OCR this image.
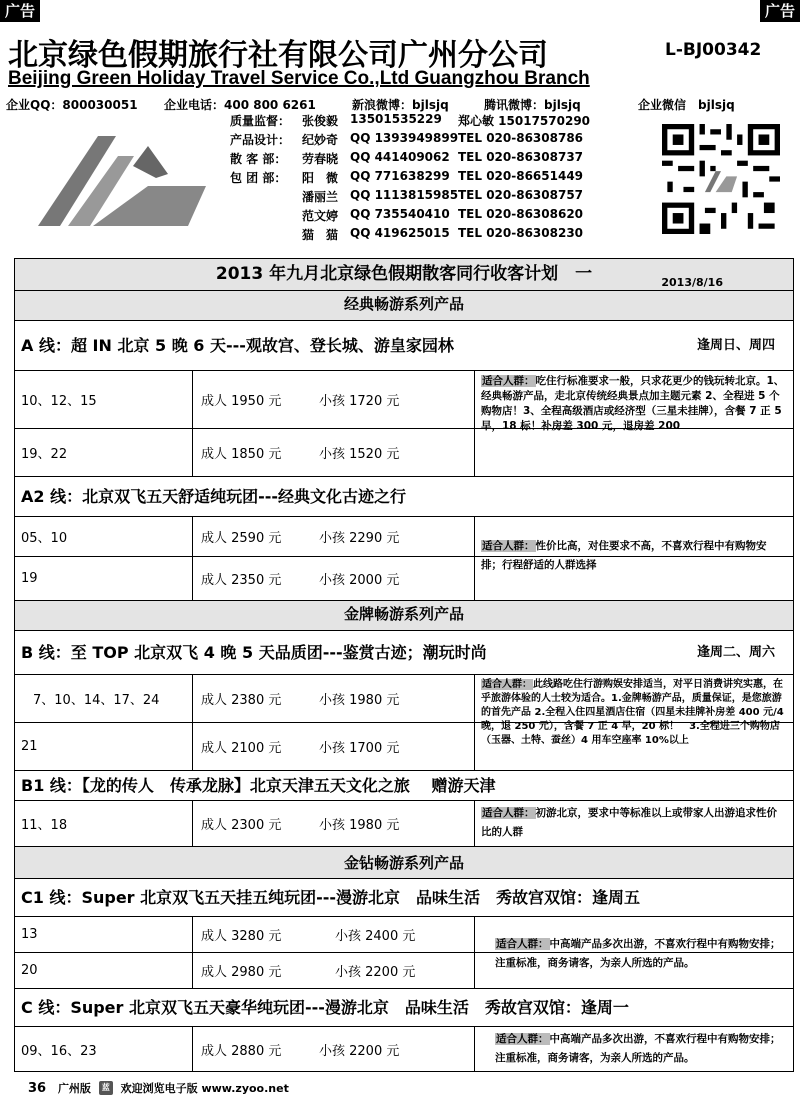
广告	广告
北京绿色假期旅行社有限公司广州分公司	L-BJ00342
Beijing Green Holiday Travel Service Co.,Ltd Guangzhou Branch
企业QQ：800030051 企业电话：400 800 6261	新浪微博：bjlsjq	腾讯微博：bjlsjq	企业微信　bjlsjq
质量监督： 张俊毅 13501535229 郑心敏 15017570290
产品设计： 纪妙奇 QQ 1393949899 TEL 020-86308786
散 客 部： 劳春晓 QQ 441409062 TEL 020-86308737
包 团 部： 阳　微 QQ 771638299 TEL 020-86651449
潘丽兰 QQ 1113815985 TEL 020-86308757
范文婷 QQ 735540410 TEL 020-86308620
猫　猫 QQ 419625015 TEL 020-86308230
2013 年九月北京绿色假期散客同行收客计划　一	2013/8/16
经典畅游系列产品
A 线：超 IN 北京 5 晚 6 天---观故宫、登长城、游皇家园林	逢周日、周四
10、12、15	成人 1950 元	小孩 1720 元
19、22	成人 1850 元	小孩 1520 元
适合人群：吃住行标准要求一般，只求花更少的钱玩转北京。1、经典畅游产品，走北京传统经典景点加主题元素 2、全程进 5 个购物店！3、全程高级酒店或经济型（三星未挂牌），含餐 7 正 5 早，18 标！补房差 300 元，退房差 200
A2 线：北京双飞五天舒适纯玩团---经典文化古迹之行
05、10	成人 2590 元	小孩 2290 元
19	成人 2350 元	小孩 2000 元
适合人群：性价比高，对住要求不高，不喜欢行程中有购物安排；行程舒适的人群选择
金牌畅游系列产品
B 线：至 TOP 北京双飞 4 晚 5 天品质团---鉴赏古迹；潮玩时尚	逢周二、周六
7、10、14、17、24	成人 2380 元	小孩 1980 元
21	成人 2100 元	小孩 1700 元
适合人群：此线路吃住行游购娱安排适当，对平日消费讲究实惠，在乎旅游体验的人士较为适合。1.金牌畅游产品，质量保证，是您旅游的首先产品 2.全程入住四星酒店住宿（四星未挂牌补房差 400 元/4 晚，退 250 元），含餐 7 正 4 早，20 标！　3.全程进三个购物店（玉器、土特、蚕丝）4 用车空座率 10%以上
B1 线：【龙的传人　传承龙脉】北京天津五天文化之旅　 赠游天津
11、18	成人 2300 元	小孩 1980 元
适合人群：初游北京，要求中等标准以上或带家人出游追求性价比的人群
金钻畅游系列产品
C1 线：Super 北京双飞五天挂五纯玩团---漫游北京　品味生活　秀故宫双馆：逢周五
13	成人 3280 元	小孩 2400 元
20	成人 2980 元	小孩 2200 元
适合人群：中高端产品多次出游，不喜欢行程中有购物安排；注重标准，商务请客，为亲人所选的产品。
C 线：Super 北京双飞五天豪华纯玩团---漫游北京　品味生活　秀故宫双馆：逢周一
09、16、23	成人 2880 元	小孩 2200 元
适合人群：中高端产品多次出游，不喜欢行程中有购物安排；注重标准，商务请客，为亲人所选的产品。
36 广州版 蓝 欢迎浏览电子版 www.zyoo.net
